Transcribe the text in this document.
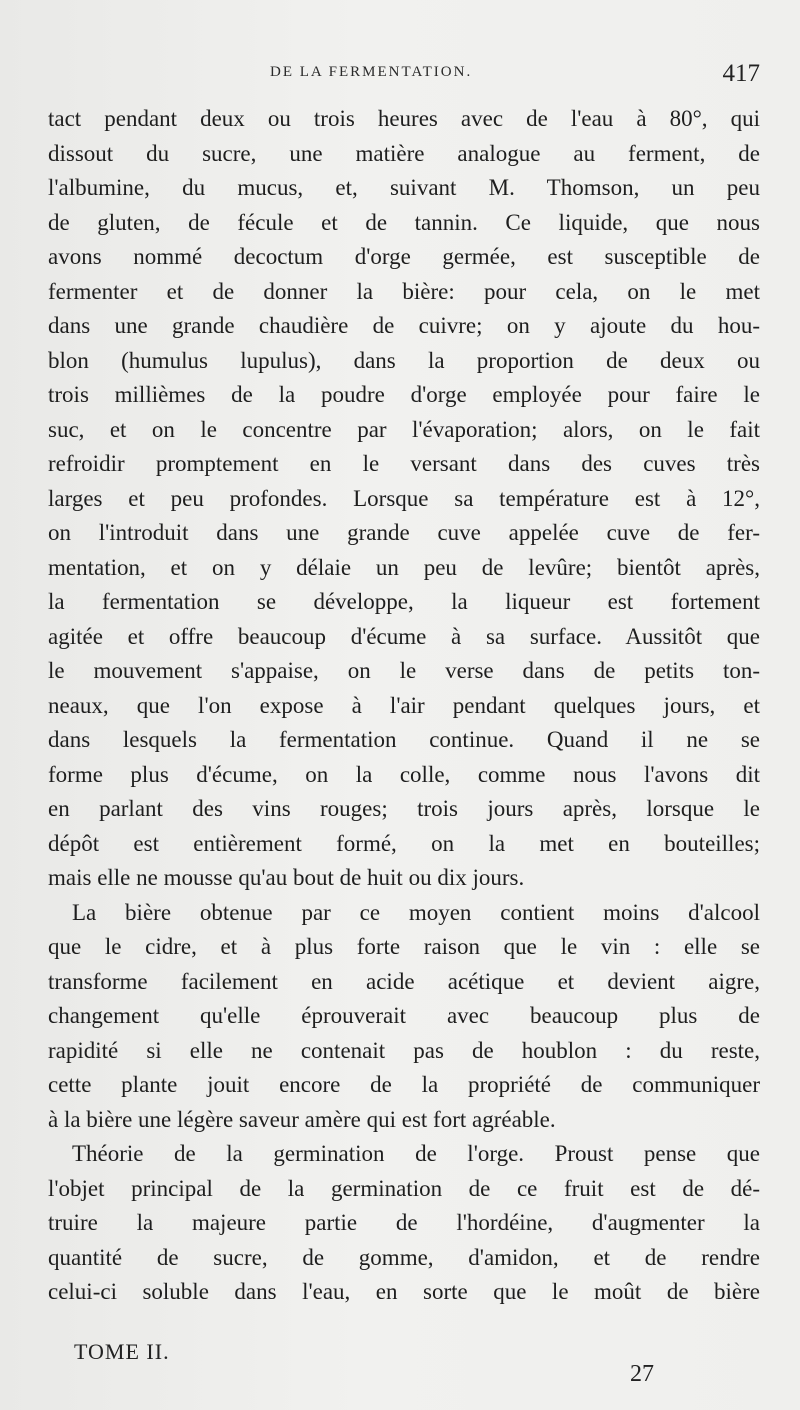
DE LA FERMENTATION.	417
tact pendant deux ou trois heures avec de l'eau à 80°, qui
dissout du sucre, une matière analogue au ferment, de
l'albumine, du mucus, et, suivant M. Thomson, un peu
de gluten, de fécule et de tannin. Ce liquide, que nous
avons nommé decoctum d'orge germée, est susceptible de
fermenter et de donner la bière: pour cela, on le met
dans une grande chaudière de cuivre; on y ajoute du hou-
blon (humulus lupulus), dans la proportion de deux ou
trois millièmes de la poudre d'orge employée pour faire le
suc, et on le concentre par l'évaporation; alors, on le fait
refroidir promptement en le versant dans des cuves très
larges et peu profondes. Lorsque sa température est à 12°,
on l'introduit dans une grande cuve appelée cuve de fer-
mentation, et on y délaie un peu de levûre; bientôt après,
la fermentation se développe, la liqueur est fortement
agitée et offre beaucoup d'écume à sa surface. Aussitôt que
le mouvement s'appaise, on le verse dans de petits ton-
neaux, que l'on expose à l'air pendant quelques jours, et
dans lesquels la fermentation continue. Quand il ne se
forme plus d'écume, on la colle, comme nous l'avons dit
en parlant des vins rouges; trois jours après, lorsque le
dépôt est entièrement formé, on la met en bouteilles;
mais elle ne mousse qu'au bout de huit ou dix jours.
La bière obtenue par ce moyen contient moins d'alcool
que le cidre, et à plus forte raison que le vin : elle se
transforme facilement en acide acétique et devient aigre,
changement qu'elle éprouverait avec beaucoup plus de
rapidité si elle ne contenait pas de houblon : du reste,
cette plante jouit encore de la propriété de communiquer
à la bière une légère saveur amère qui est fort agréable.
Théorie de la germination de l'orge. Proust pense que
l'objet principal de la germination de ce fruit est de dé-
truire la majeure partie de l'hordéine, d'augmenter la
quantité de sucre, de gomme, d'amidon, et de rendre
celui-ci soluble dans l'eau, en sorte que le moût de bière
TOME II.
27
